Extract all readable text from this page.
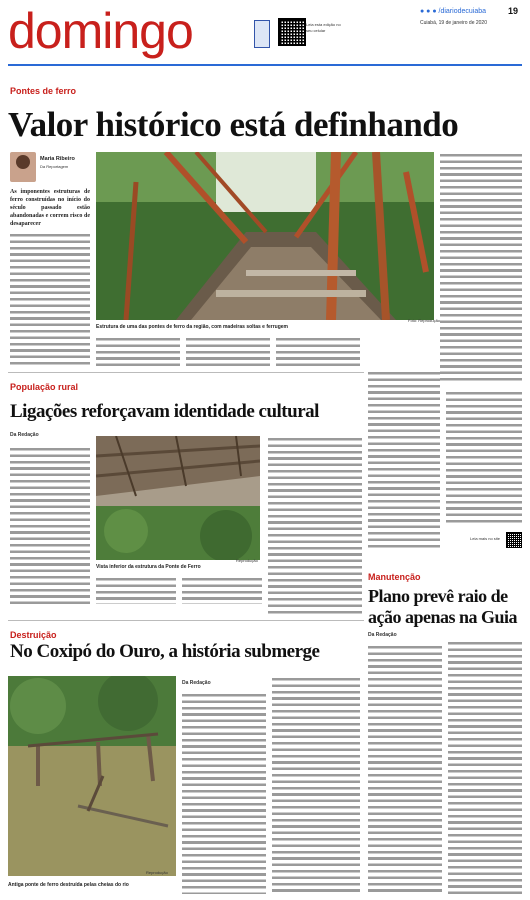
domingo	Leia esta edição no seu celular
● ● ● /diariodecuiaba 19
Cuiabá, 19 de janeiro de 2020
Pontes de ferro
Valor histórico está definhando
Maria Ribeiro
Da Reportagem
As imponentes estruturas de ferro construídas no início do século passado estão abandonadas e correm risco de desaparecer
Estrutura de uma das pontes de ferro da região, com madeiras soltas e ferrugem
Foto: Reprodução
Leia mais no site
População rural
Ligações reforçavam identidade cultural
Da Redação
Vista inferior da estrutura da Ponte de Ferro
Reprodução
Manutenção
Plano prevê raio de ação apenas na Guia
Da Redação
Destruição
No Coxipó do Ouro, a história submerge
Antiga ponte de ferro destruída pelas cheias do rio
Reprodução
Da Redação
